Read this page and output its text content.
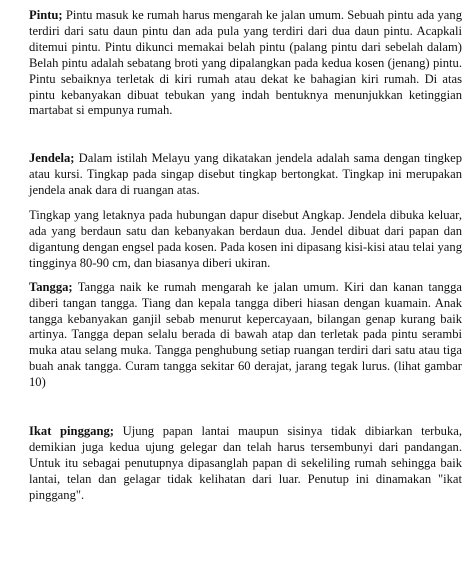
Pintu; Pintu masuk ke rumah harus mengarah ke jalan umum. Sebuah pintu ada yang terdiri dari satu daun pintu dan ada pula yang terdiri dari dua daun pintu. Acapkali ditemui pintu. Pintu dikunci memakai belah pintu (palang pintu dari sebelah dalam) Belah pintu adalah sebatang broti yang dipalangkan pada kedua kosen (jenang) pintu. Pintu sebaiknya terletak di kiri rumah atau dekat ke bahagian kiri rumah. Di atas pintu kebanyakan dibuat tebukan yang indah bentuknya menunjukkan ketinggian martabat si empunya rumah.

Jendela; Dalam istilah Melayu yang dikatakan jendela adalah sama dengan tingkep atau kursi. Tingkap pada singap disebut tingkap bertongkat. Tingkap ini merupakan jendela anak dara di ruangan atas.

Tingkap yang letaknya pada hubungan dapur disebut Angkap. Jendela dibuka keluar, ada yang berdaun satu dan kebanyakan berdaun dua. Jendel dibuat dari papan dan digantung dengan engsel pada kosen. Pada kosen ini dipasang kisi-kisi atau telai yang tingginya 80-90 cm, dan biasanya diberi ukiran.

Tangga; Tangga naik ke rumah mengarah ke jalan umum. Kiri dan kanan tangga diberi tangan tangga. Tiang dan kepala tangga diberi hiasan dengan kuamain. Anak tangga kebanyakan ganjil sebab menurut kepercayaan, bilangan genap kurang baik artinya. Tangga depan selalu berada di bawah atap dan terletak pada pintu serambi muka atau selang muka. Tangga penghubung setiap ruangan terdiri dari satu atau tiga buah anak tangga. Curam tangga sekitar 60 derajat, jarang tegak lurus. (lihat gambar 10)

Ikat pinggang; Ujung papan lantai maupun sisinya tidak dibiarkan terbuka, demikian juga kedua ujung gelegar dan telah harus tersembunyi dari pandangan. Untuk itu sebagai penutupnya dipasanglah papan di sekeliling rumah sehingga baik lantai, telan dan gelagar tidak kelihatan dari luar. Penutup ini dinamakan "ikat pinggang".
